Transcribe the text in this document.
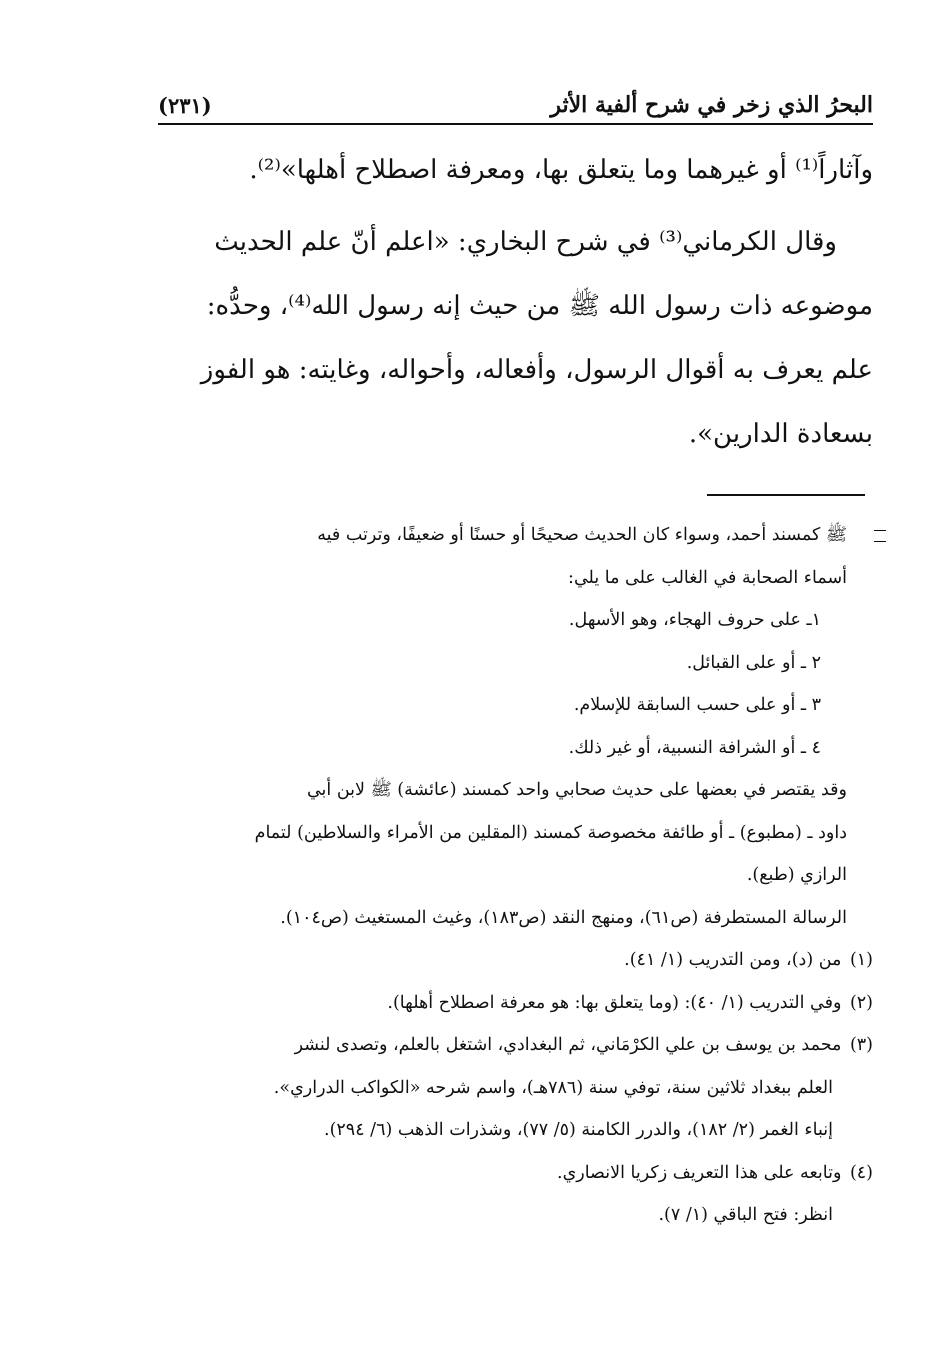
البحرُ الذي زخر في شرح ألفية الأثر
(٢٣١)

وآثاراً⁽¹⁾ أو غيرهما وما يتعلق بها، ومعرفة اصطلاح أهلها»⁽²⁾.

وقال الكرماني⁽³⁾ في شرح البخاري: «اعلم أنّ علم الحديث

موضوعه ذات رسول الله ﷺ من حيث إنه رسول الله⁽⁴⁾، وحدُّه:

علم يعرف به أقوال الرسول، وأفعاله، وأحواله، وغايته: هو الفوز

بسعادة الدارين».

ﷺ كمسند أحمد، وسواء كان الحديث صحيحًا أو حسنًا أو ضعيفًا، وترتب فيه

أسماء الصحابة في الغالب على ما يلي:

١ـ على حروف الهجاء، وهو الأسهل.

٢ ـ أو على القبائل.

٣ ـ أو على حسب السابقة للإسلام.

٤ ـ أو الشرافة النسبية، أو غير ذلك.

وقد يقتصر في بعضها على حديث صحابي واحد كمسند (عائشة) ﷺ لابن أبي

داود ـ (مطبوع) ـ أو طائفة مخصوصة كمسند (المقلين من الأمراء والسلاطين) لتمام

الرازي (طبع).

الرسالة المستطرفة (ص٦١)، ومنهج النقد (ص١٨٣)، وغيث المستغيث (ص١٠٤).

(١) من (د)، ومن التدريب (١/ ٤١).

(٢) وفي التدريب (١/ ٤٠): (وما يتعلق بها: هو معرفة اصطلاح أهلها).

(٣) محمد بن يوسف بن علي الكرْمَاني، ثم البغدادي، اشتغل بالعلم، وتصدى لنشر

العلم ببغداد ثلاثين سنة، توفي سنة (٧٨٦هـ)، واسم شرحه «الكواكب الدراري».

إنباء الغمر (٢/ ١٨٢)، والدرر الكامنة (٥/ ٧٧)، وشذرات الذهب (٦/ ٢٩٤).

(٤) وتابعه على هذا التعريف زكريا الانصاري.

انظر: فتح الباقي (١/ ٧).
